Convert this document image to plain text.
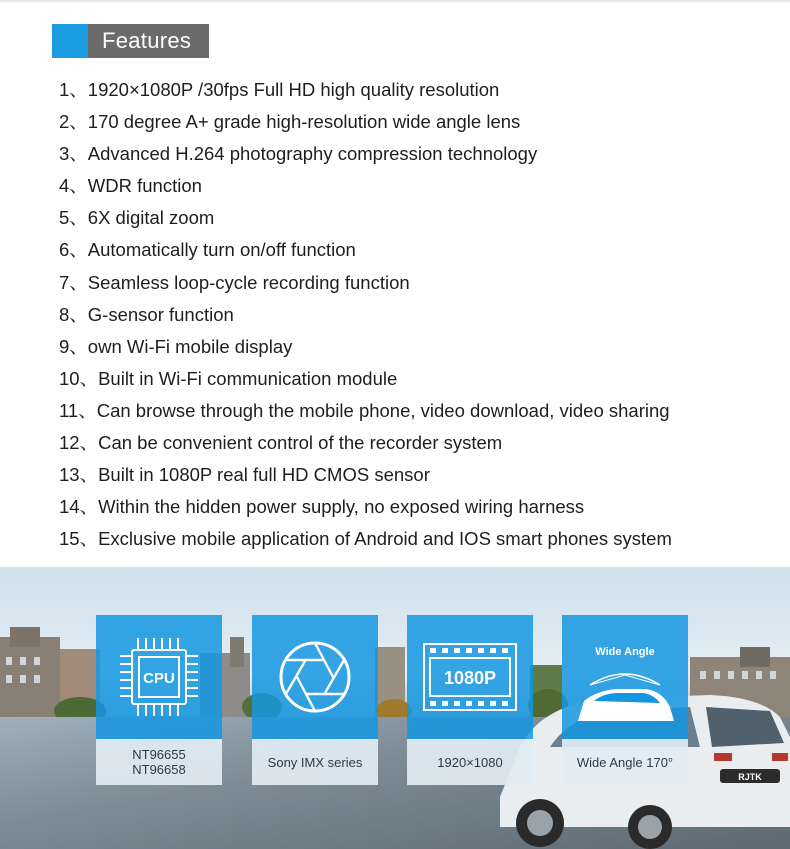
Features
1、1920×1080P /30fps Full HD high quality resolution
2、170 degree A+ grade high-resolution wide angle lens
3、Advanced H.264 photography compression technology
4、WDR function
5、6X digital zoom
6、Automatically turn on/off function
7、Seamless loop-cycle recording function
8、G-sensor function
9、own Wi-Fi mobile display
10、Built in Wi-Fi communication module
11、Can browse through the mobile phone, video download, video sharing
12、Can be convenient control of the recorder system
13、Built in 1080P real full HD CMOS sensor
14、Within the hidden power supply, no exposed wiring harness
15、Exclusive mobile application of Android and IOS smart phones system
RJTK
CPU
NT96655
NT96658	Sony IMX series
1080P
1920×1080
Wide Angle
Wide Angle 170°
